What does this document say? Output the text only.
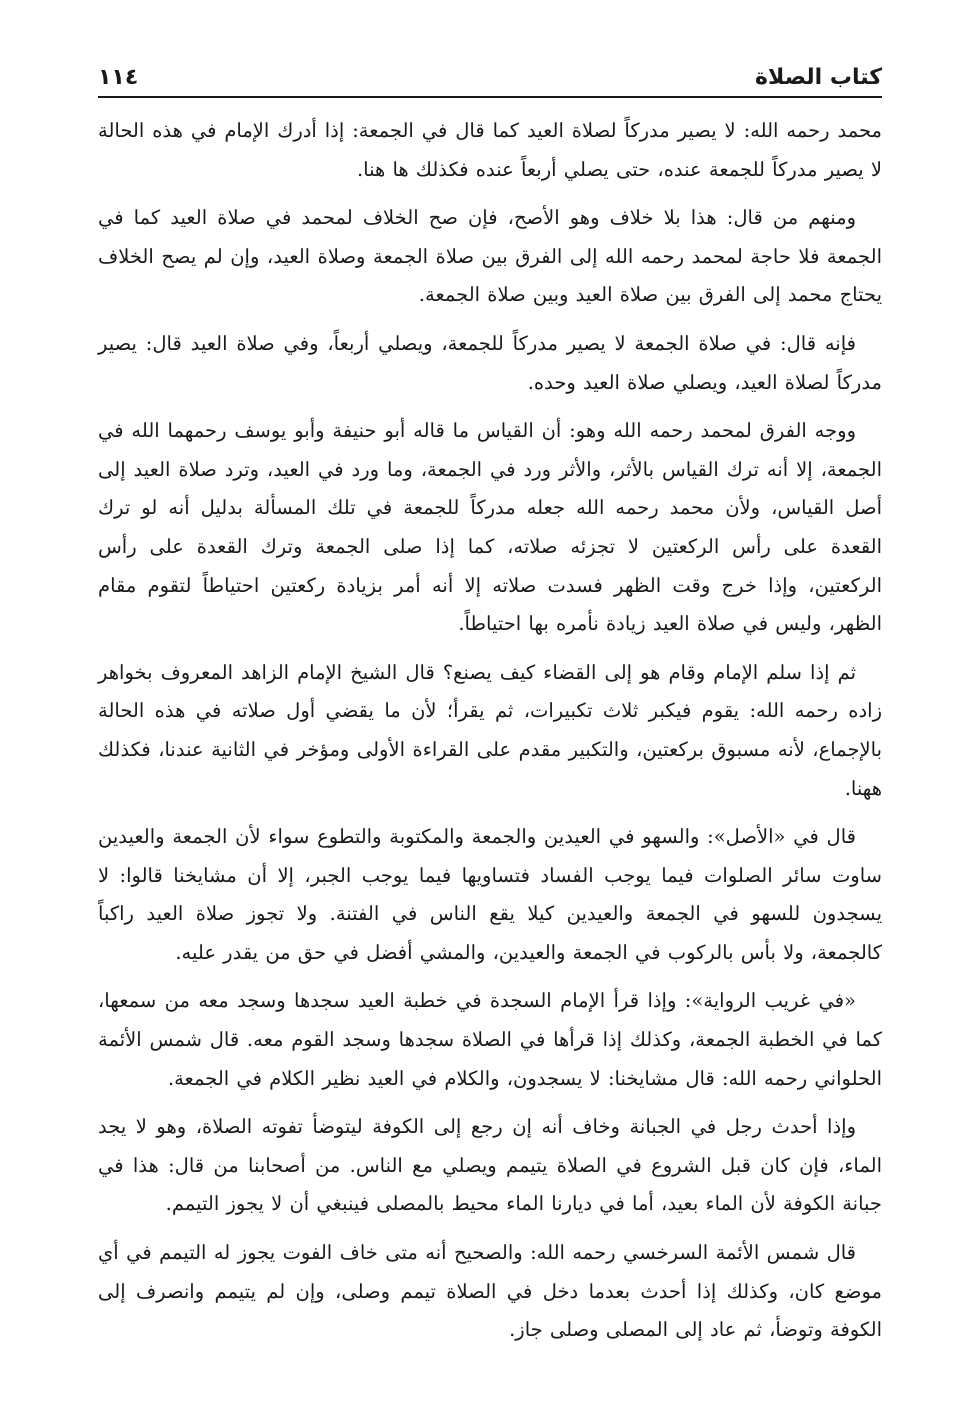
١١٤	كتاب الصلاة

محمد رحمه الله: لا يصير مدركاً لصلاة العيد كما قال في الجمعة: إذا أدرك الإمام في هذه الحالة لا يصير مدركاً للجمعة عنده، حتى يصلي أربعاً عنده فكذلك ها هنا.

ومنهم من قال: هذا بلا خلاف وهو الأصح، فإن صح الخلاف لمحمد في صلاة العيد كما في الجمعة فلا حاجة لمحمد رحمه الله إلى الفرق بين صلاة الجمعة وصلاة العيد، وإن لم يصح الخلاف يحتاج محمد إلى الفرق بين صلاة العيد وبين صلاة الجمعة.

فإنه قال: في صلاة الجمعة لا يصير مدركاً للجمعة، ويصلي أربعاً، وفي صلاة العيد قال: يصير مدركاً لصلاة العيد، ويصلي صلاة العيد وحده.

ووجه الفرق لمحمد رحمه الله وهو: أن القياس ما قاله أبو حنيفة وأبو يوسف رحمهما الله في الجمعة، إلا أنه ترك القياس بالأثر، والأثر ورد في الجمعة، وما ورد في العيد، وترد صلاة العيد إلى أصل القياس، ولأن محمد رحمه الله جعله مدركاً للجمعة في تلك المسألة بدليل أنه لو ترك القعدة على رأس الركعتين لا تجزئه صلاته، كما إذا صلى الجمعة وترك القعدة على رأس الركعتين، وإذا خرج وقت الظهر فسدت صلاته إلا أنه أمر بزيادة ركعتين احتياطاً لتقوم مقام الظهر، وليس في صلاة العيد زيادة نأمره بها احتياطاً.

ثم إذا سلم الإمام وقام هو إلى القضاء كيف يصنع؟ قال الشيخ الإمام الزاهد المعروف بخواهر زاده رحمه الله: يقوم فيكبر ثلاث تكبيرات، ثم يقرأ؛ لأن ما يقضي أول صلاته في هذه الحالة بالإجماع، لأنه مسبوق بركعتين، والتكبير مقدم على القراءة الأولى ومؤخر في الثانية عندنا، فكذلك ههنا.

قال في «الأصل»: والسهو في العيدين والجمعة والمكتوبة والتطوع سواء لأن الجمعة والعيدين ساوت سائر الصلوات فيما يوجب الفساد فتساويها فيما يوجب الجبر، إلا أن مشايخنا قالوا: لا يسجدون للسهو في الجمعة والعيدين كيلا يقع الناس في الفتنة. ولا تجوز صلاة العيد راكباً كالجمعة، ولا بأس بالركوب في الجمعة والعيدين، والمشي أفضل في حق من يقدر عليه.

«في غريب الرواية»: وإذا قرأ الإمام السجدة في خطبة العيد سجدها وسجد معه من سمعها، كما في الخطبة الجمعة، وكذلك إذا قرأها في الصلاة سجدها وسجد القوم معه. قال شمس الأئمة الحلواني رحمه الله: قال مشايخنا: لا يسجدون، والكلام في العيد نظير الكلام في الجمعة.

وإذا أحدث رجل في الجبانة وخاف أنه إن رجع إلى الكوفة ليتوضأ تفوته الصلاة، وهو لا يجد الماء، فإن كان قبل الشروع في الصلاة يتيمم ويصلي مع الناس. من أصحابنا من قال: هذا في جبانة الكوفة لأن الماء بعيد، أما في ديارنا الماء محيط بالمصلى فينبغي أن لا يجوز التيمم.

قال شمس الأئمة السرخسي رحمه الله: والصحيح أنه متى خاف الفوت يجوز له التيمم في أي موضع كان، وكذلك إذا أحدث بعدما دخل في الصلاة تيمم وصلى، وإن لم يتيمم وانصرف إلى الكوفة وتوضأ، ثم عاد إلى المصلى وصلى جاز.
